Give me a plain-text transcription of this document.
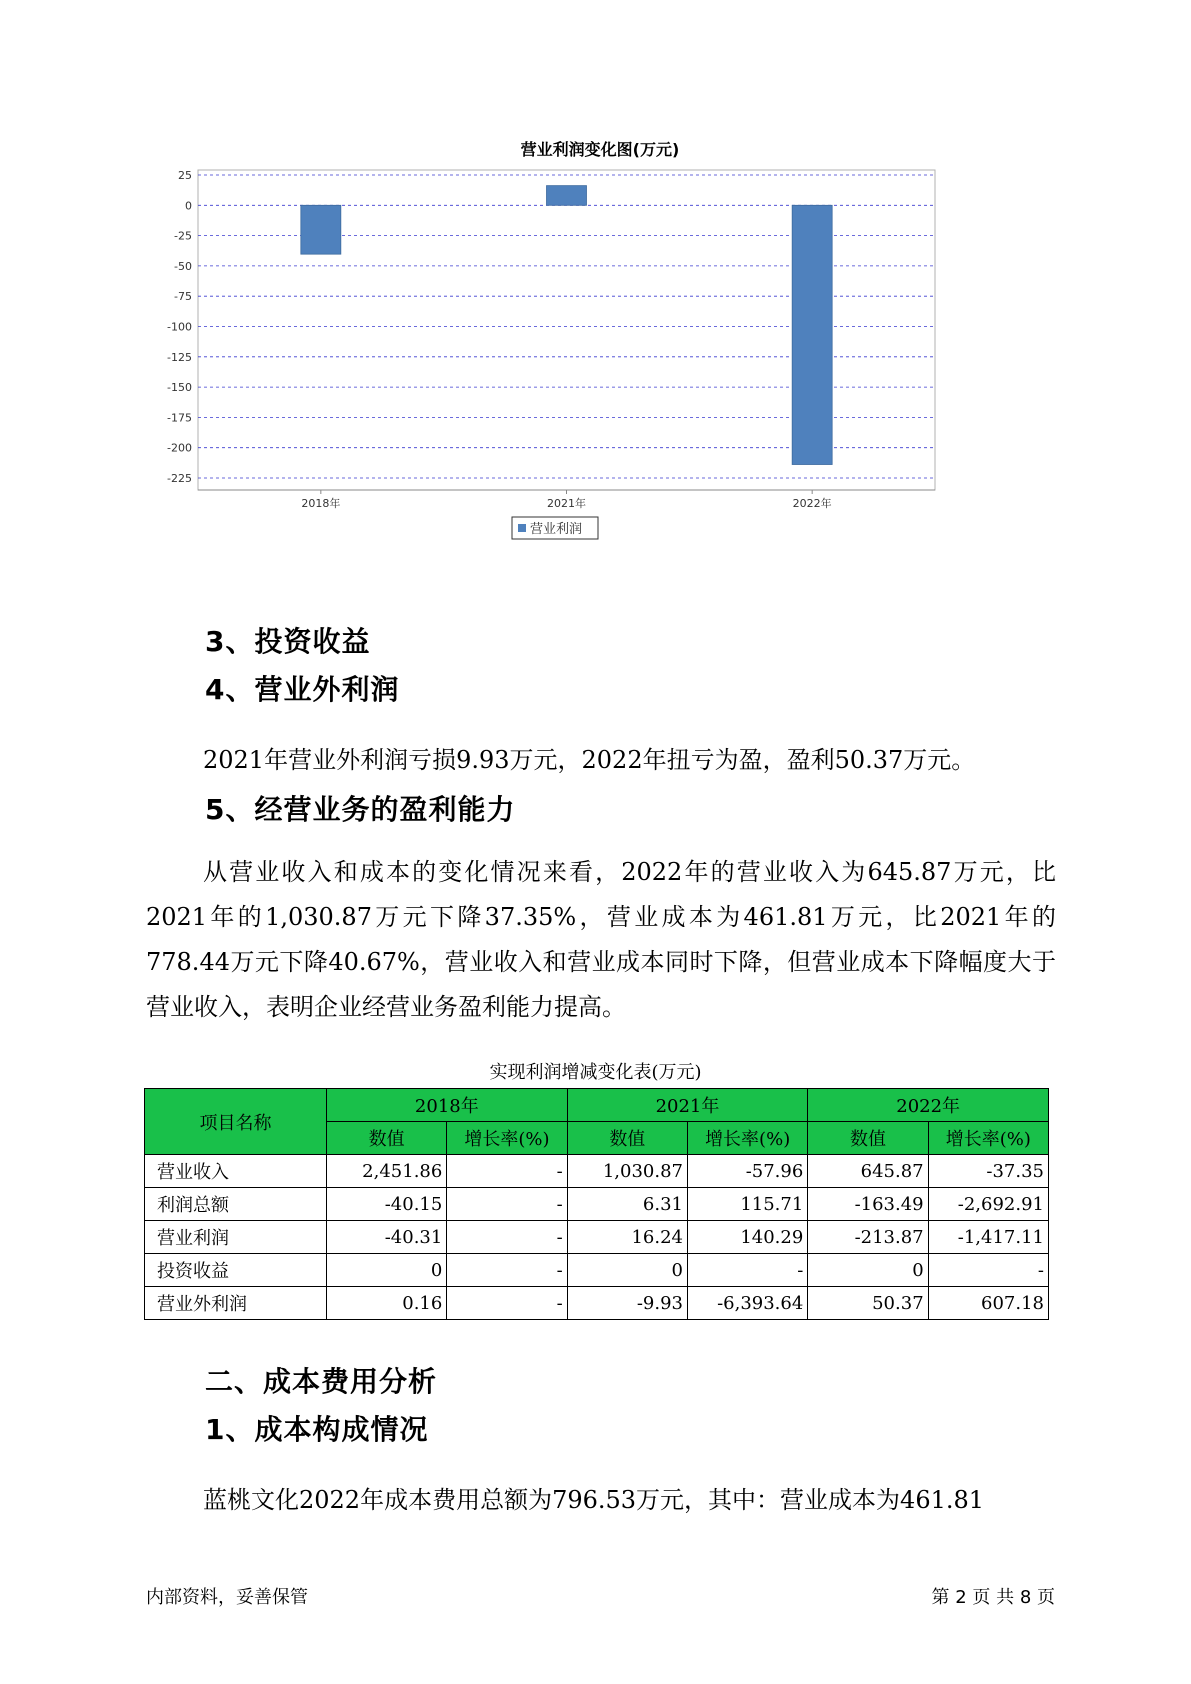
营业利润变化图(万元)
25
0
-25
-50
-75
-100
-125
-150
-175
-200
-225
2018年	2021年	2022年
营业利润
3、投资收益
4、营业外利润

2021年营业外利润亏损9.93万元，2022年扭亏为盈，盈利50.37万元。

5、经营业务的盈利能力

从营业收入和成本的变化情况来看，2022年的营业收入为645.87万元，比2021年的1,030.87万元下降37.35%，营业成本为461.81万元，比2021年的778.44万元下降40.67%，营业收入和营业成本同时下降，但营业成本下降幅度大于营业收入，表明企业经营业务盈利能力提高。

实现利润增减变化表(万元)

项目名称	2018年		2021年		2022年	
	数值	增长率(%)	数值	增长率(%)	数值	增长率(%)
营业收入	2,451.86	-	1,030.87	-57.96	645.87	-37.35
利润总额	-40.15	-	6.31	115.71	-163.49	-2,692.91
营业利润	-40.31	-	16.24	140.29	-213.87	-1,417.11
投资收益	0	-	0	-	0	-
营业外利润	0.16	-	-9.93	-6,393.64	50.37	607.18
二、成本费用分析
1、成本构成情况

蓝桃文化2022年成本费用总额为796.53万元，其中：营业成本为461.81

内部资料，妥善保管	第 2 页 共 8 页
